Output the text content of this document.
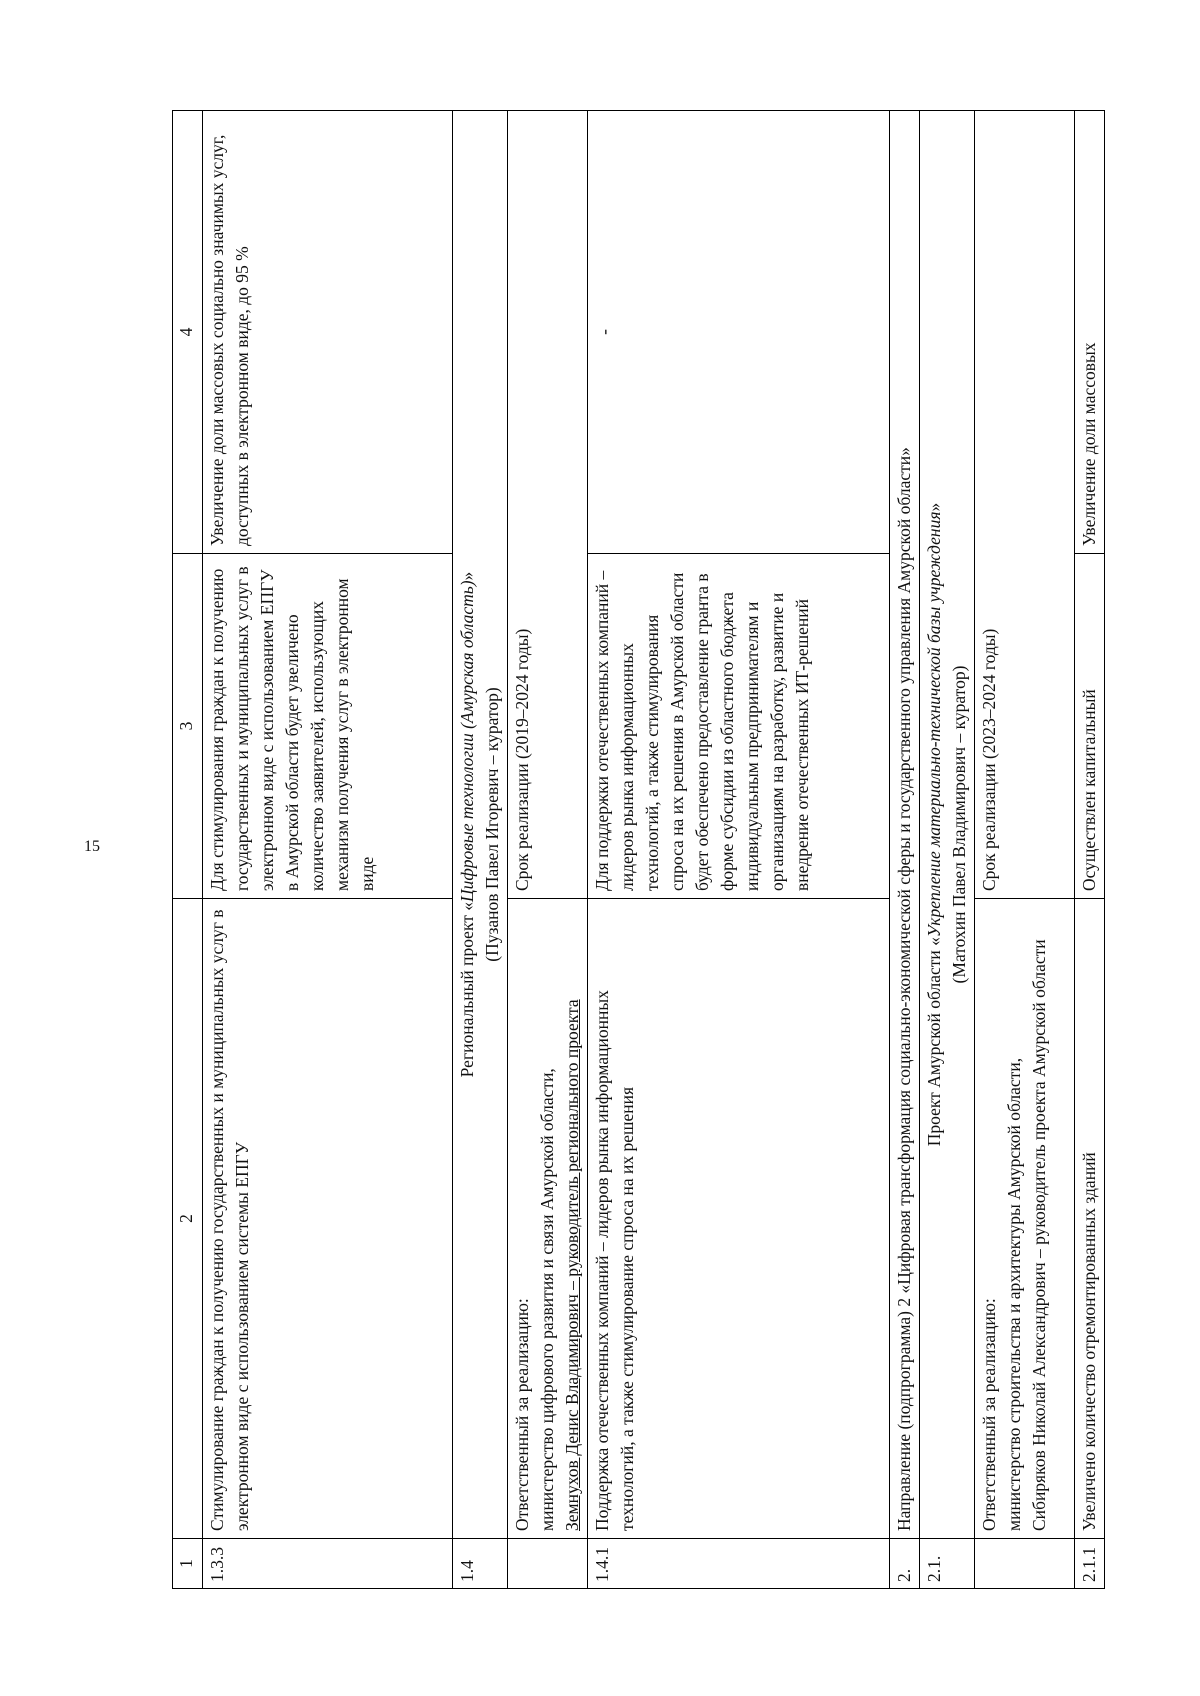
15
1	2	3	4
1.3.3	Стимулирование граждан к получению государственных и муниципальных услуг в электронном виде с использованием системы ЕПГУ	Для стимулирования граждан к получению государственных и муниципальных услуг в электронном виде с использованием ЕПГУ в Амурской области будет увеличено количество заявителей, использующих механизм получения услуг в электронном виде	Увеличение доли массовых социально значимых услуг, доступных в электронном виде, до 95 %
1.4	Региональный проект «Цифровые технологии (Амурская область)»
(Пузанов Павел Игоревич – куратор)		
	Ответственный за реализацию: министерство цифрового развития и связи Амурской области, Земнухов Денис Владимирович – руководитель регионального проекта	Срок реализации (2019–2024 годы)	
1.4.1	Поддержка отечественных компаний – лидеров рынка информационных технологий, а также стимулирование спроса на их решения	Для поддержки отечественных компаний – лидеров рынка информационных технологий, а также стимулирования спроса на их решения в Амурской области будет обеспечено предоставление гранта в форме субсидии из областного бюджета индивидуальным предпринимателям и организациям на разработку, развитие и внедрение отечественных ИТ-решений	-

2.	Направление (подпрограмма) 2 «Цифровая трансформация социально-экономической сферы и государственного управления Амурской области»		
2.1.	Проект Амурской области «Укрепление материально-технической базы учреждения»
(Матохин Павел Владимирович – куратор)		
	Ответственный за реализацию: министерство строительства и архитектуры Амурской области, Сибиряков Николай Александрович – руководитель проекта Амурской области	Срок реализации (2023–2024 годы)	
2.1.1	Увеличено количество отремонтированных зданий	Осуществлен капитальный	Увеличение доли массовых
